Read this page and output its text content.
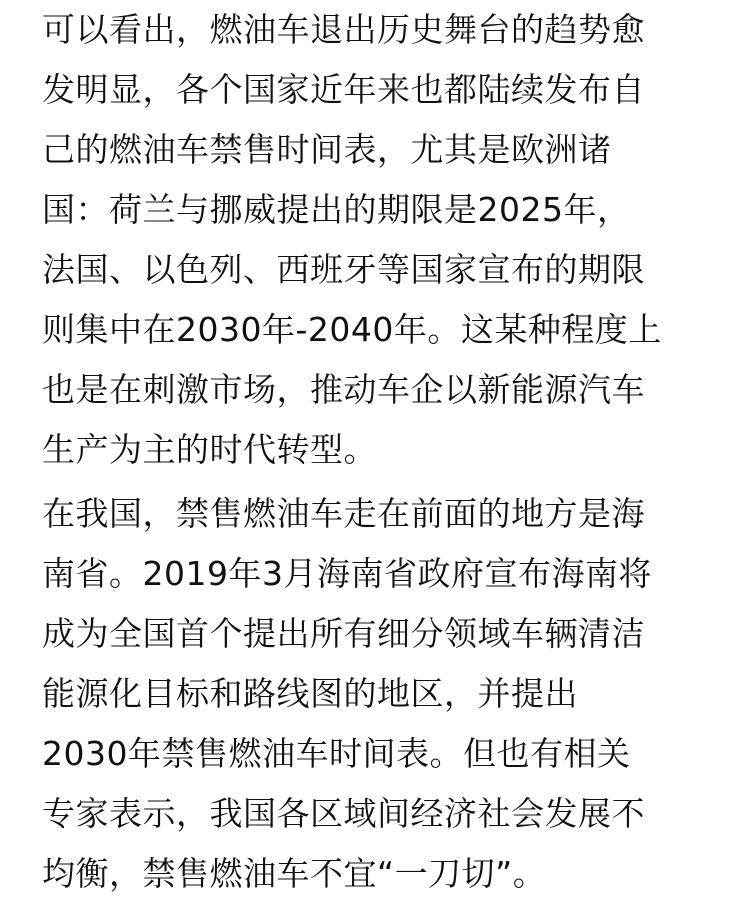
可以看出，燃油车退出历史舞台的趋势愈
发明显，各个国家近年来也都陆续发布自
己的燃油车禁售时间表，尤其是欧洲诸
国：荷兰与挪威提出的期限是2025年，
法国、以色列、西班牙等国家宣布的期限
则集中在2030年-2040年。这某种程度上
也是在刺激市场，推动车企以新能源汽车
生产为主的时代转型。

在我国，禁售燃油车走在前面的地方是海
南省。2019年3月海南省政府宣布海南将
成为全国首个提出所有细分领域车辆清洁
能源化目标和路线图的地区，并提出
2030年禁售燃油车时间表。但也有相关
专家表示，我国各区域间经济社会发展不
均衡，禁售燃油车不宜“一刀切”。
